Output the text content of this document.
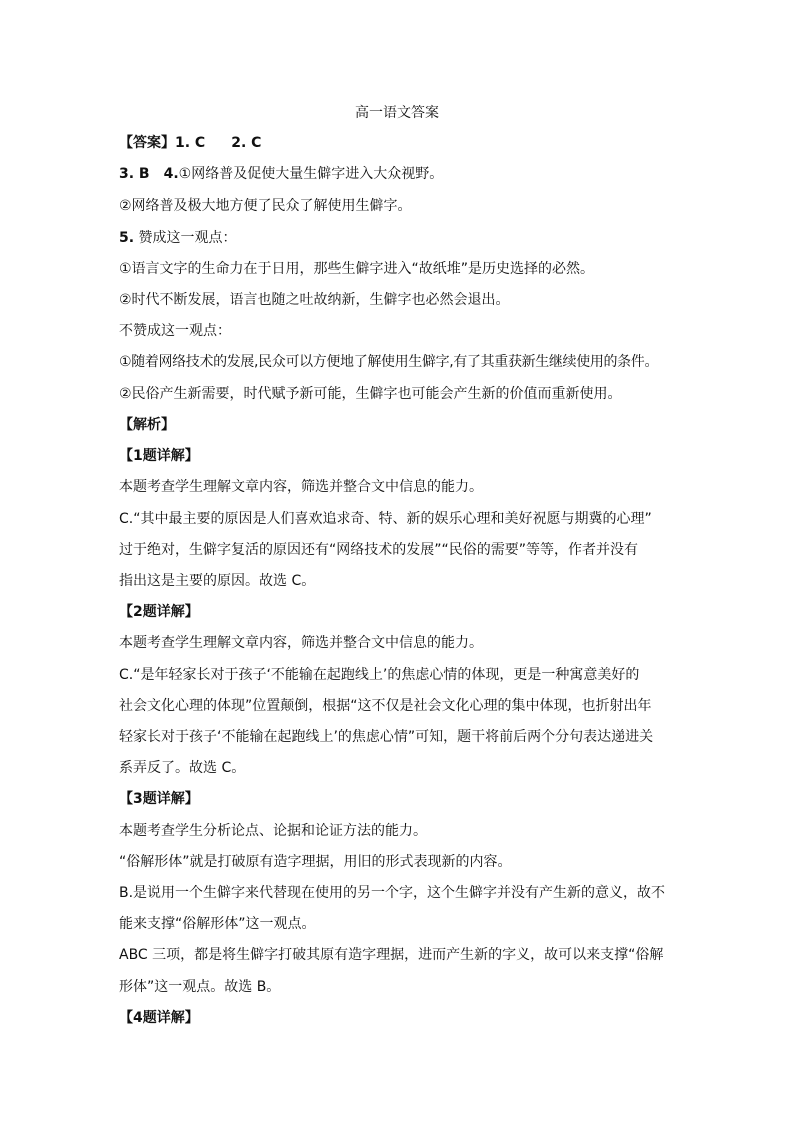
高一语文答案
【答案】1. C 2. C
3. B 4.①网络普及促使大量生僻字进入大众视野。
②网络普及极大地方便了民众了解使用生僻字。
5. 赞成这一观点：
①语言文字的生命力在于日用，那些生僻字进入“故纸堆”是历史选择的必然。
②时代不断发展，语言也随之吐故纳新，生僻字也必然会退出。
不赞成这一观点：
①随着网络技术的发展,民众可以方便地了解使用生僻字,有了其重获新生继续使用的条件。
②民俗产生新需要，时代赋予新可能，生僻字也可能会产生新的价值而重新使用。
【解析】
【1题详解】
本题考查学生理解文章内容，筛选并整合文中信息的能力。
C.“其中最主要的原因是人们喜欢追求奇、特、新的娱乐心理和美好祝愿与期冀的心理”
过于绝对，生僻字复活的原因还有“网络技术的发展”“民俗的需要”等等，作者并没有
指出这是主要的原因。故选 C。
【2题详解】
本题考查学生理解文章内容，筛选并整合文中信息的能力。
C.“是年轻家长对于孩子‘不能输在起跑线上’的焦虑心情的体现，更是一种寓意美好的
社会文化心理的体现”位置颠倒，根据“这不仅是社会文化心理的集中体现，也折射出年
轻家长对于孩子‘不能输在起跑线上’的焦虑心情”可知，题干将前后两个分句表达递进关
系弄反了。故选 C。
【3题详解】
本题考查学生分析论点、论据和论证方法的能力。
“俗解形体”就是打破原有造字理据，用旧的形式表现新的内容。
B.是说用一个生僻字来代替现在使用的另一个字，这个生僻字并没有产生新的意义，故不
能来支撑“俗解形体”这一观点。
ABC 三项，都是将生僻字打破其原有造字理据，进而产生新的字义，故可以来支撑“俗解
形体”这一观点。故选 B。
【4题详解】
